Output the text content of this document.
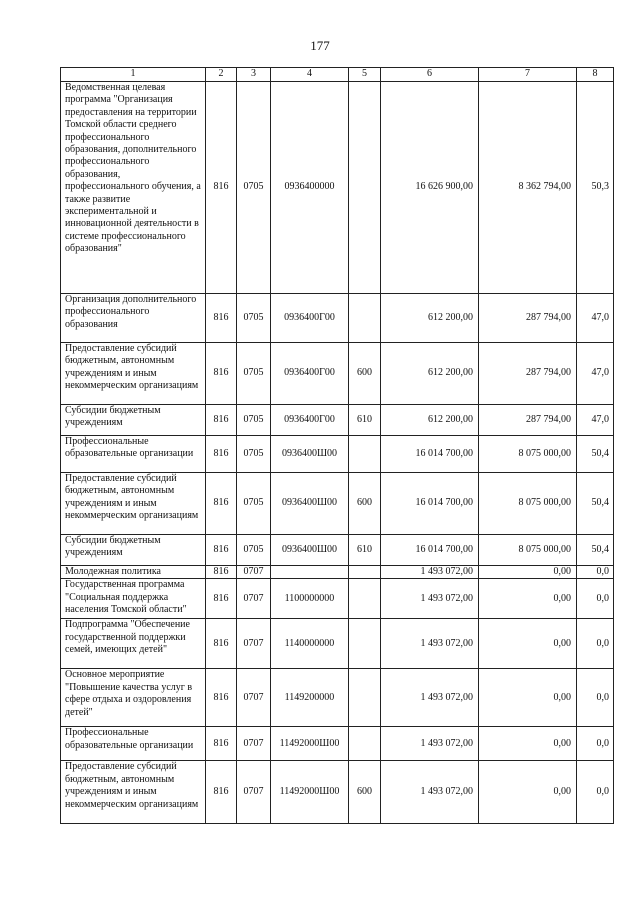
177
1	2	3	4	5	6	7	8
Ведомственная целевая программа "Организация предоставления на территории Томской области среднего профессионального образования, дополнительного профессионального образования, профессионального обучения, а также развитие экспериментальной и инновационной деятельности в системе профессионального образования"	816	0705	0936400000		16 626 900,00	8 362 794,00	50,3
Организация дополнительного профессионального образования	816	0705	0936400Г00		612 200,00	287 794,00	47,0
Предоставление субсидий бюджетным, автономным учреждениям и иным некоммерческим организациям	816	0705	0936400Г00	600	612 200,00	287 794,00	47,0
Субсидии бюджетным учреждениям	816	0705	0936400Г00	610	612 200,00	287 794,00	47,0
Профессиональные образовательные организации	816	0705	0936400Ш00		16 014 700,00	8 075 000,00	50,4
Предоставление субсидий бюджетным, автономным учреждениям и иным некоммерческим организациям	816	0705	0936400Ш00	600	16 014 700,00	8 075 000,00	50,4
Субсидии бюджетным учреждениям	816	0705	0936400Ш00	610	16 014 700,00	8 075 000,00	50,4
Молодежная политика	816	0707			1 493 072,00	0,00	0,0
Государственная программа "Социальная поддержка населения Томской области"	816	0707	1100000000		1 493 072,00	0,00	0,0
Подпрограмма "Обеспечение государственной поддержки семей, имеющих детей"	816	0707	1140000000		1 493 072,00	0,00	0,0
Основное мероприятие "Повышение качества услуг в сфере отдыха и оздоровления детей"	816	0707	1149200000		1 493 072,00	0,00	0,0
Профессиональные образовательные организации	816	0707	11492000Ш00		1 493 072,00	0,00	0,0
Предоставление субсидий бюджетным, автономным учреждениям и иным некоммерческим организациям	816	0707	11492000Ш00	600	1 493 072,00	0,00	0,0
